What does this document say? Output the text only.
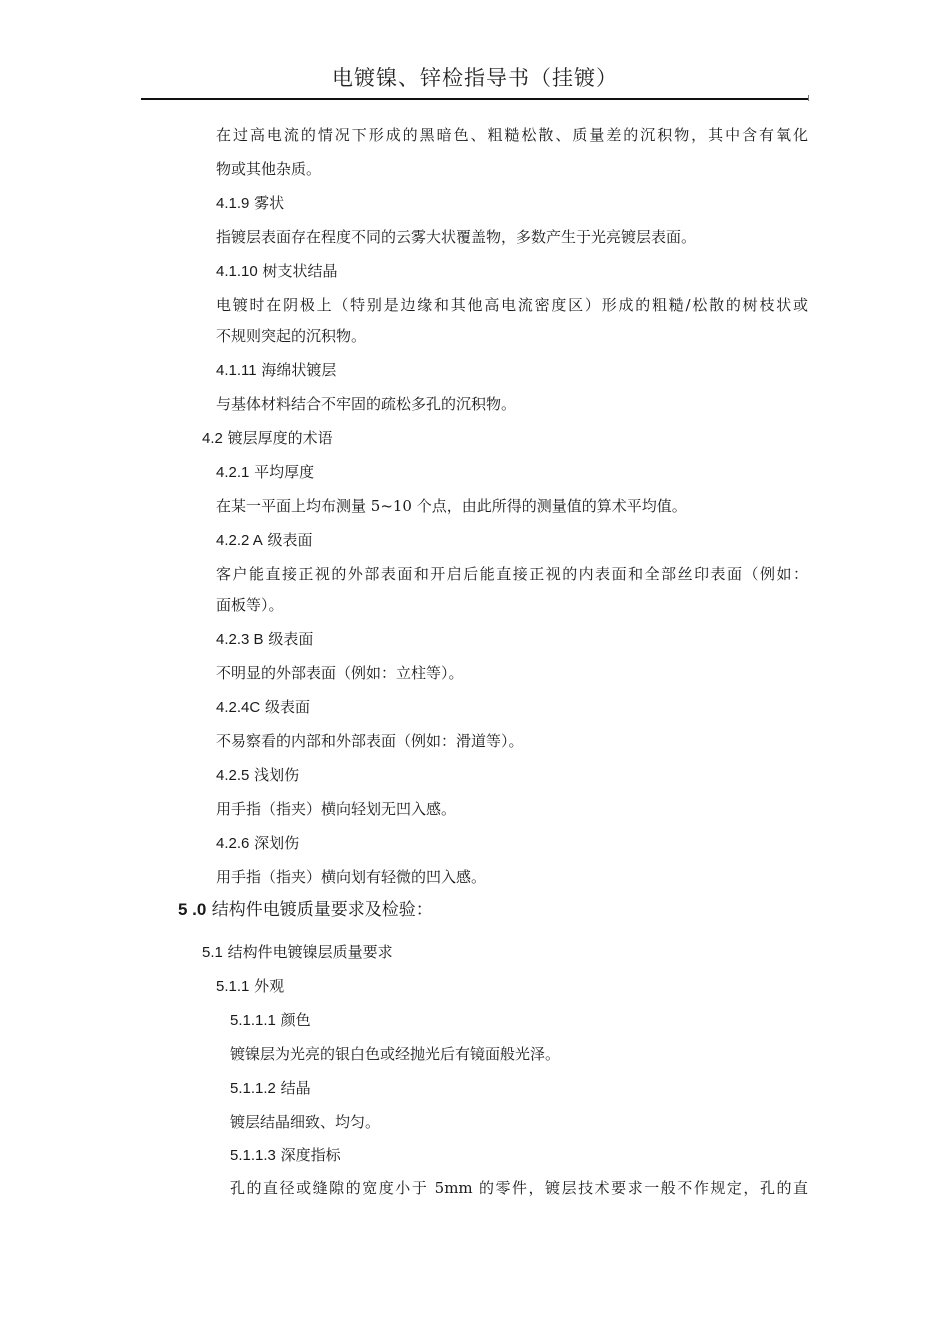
电镀镍、锌检指导书（挂镀）
在过高电流的情况下形成的黑暗色、粗糙松散、质量差的沉积物，其中含有氧化
物或其他杂质。
4.1.9 雾状
指镀层表面存在程度不同的云雾大状覆盖物，多数产生于光亮镀层表面。
4.1.10 树支状结晶
电镀时在阴极上（特别是边缘和其他高电流密度区）形成的粗糙/松散的树枝状或
不规则突起的沉积物。
4.1.11 海绵状镀层
与基体材料结合不牢固的疏松多孔的沉积物。
4.2 镀层厚度的术语
4.2.1 平均厚度
在某一平面上均布测量 5~10 个点，由此所得的测量值的算术平均值。
4.2.2 A 级表面
客户能直接正视的外部表面和开启后能直接正视的内表面和全部丝印表面（例如：
面板等）。
4.2.3 B 级表面
不明显的外部表面（例如：立柱等）。
4.2.4C 级表面
不易察看的内部和外部表面（例如：滑道等）。
4.2.5 浅划伤
用手指（指夹）横向轻划无凹入感。
4.2.6 深划伤
用手指（指夹）横向划有轻微的凹入感。
5 .0 结构件电镀质量要求及检验：
5.1 结构件电镀镍层质量要求
5.1.1 外观
5.1.1.1 颜色
镀镍层为光亮的银白色或经抛光后有镜面般光泽。
5.1.1.2 结晶
镀层结晶细致、均匀。
5.1.1.3 深度指标
孔的直径或缝隙的宽度小于 5mm 的零件，镀层技术要求一般不作规定，孔的直
